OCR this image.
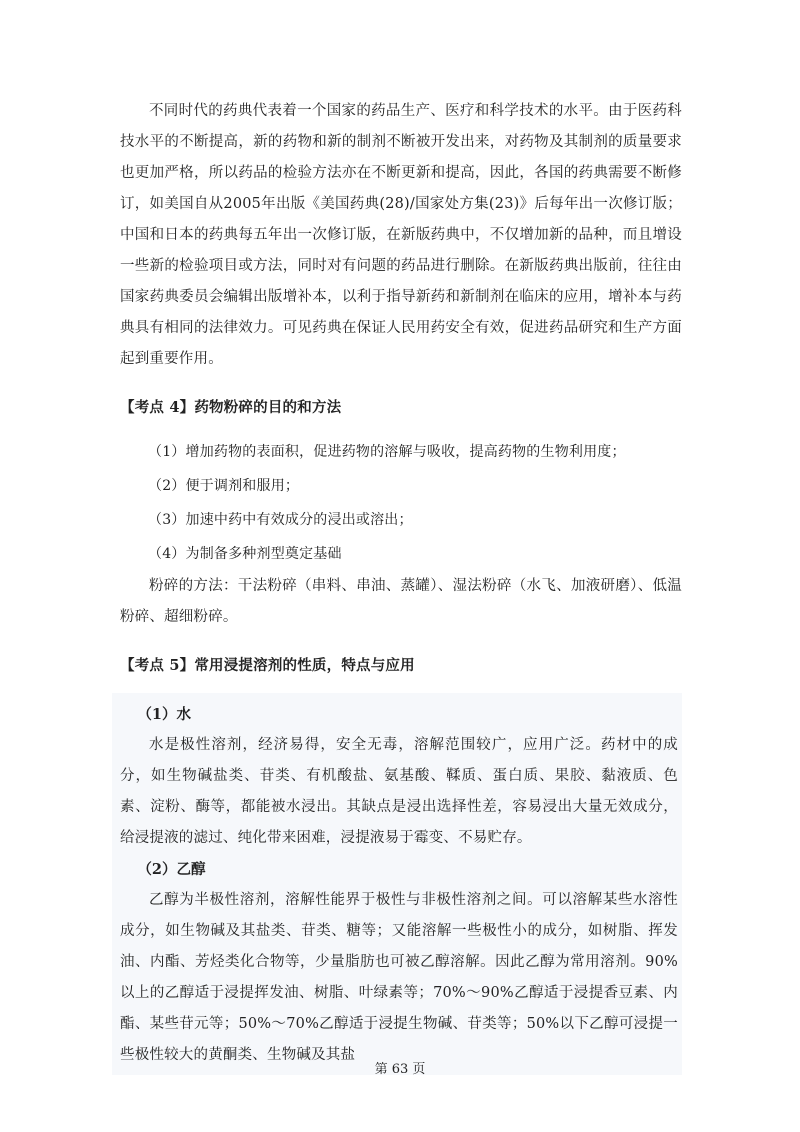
不同时代的药典代表着一个国家的药品生产、医疗和科学技术的水平。由于医药科技水平的不断提高，新的药物和新的制剂不断被开发出来，对药物及其制剂的质量要求也更加严格，所以药品的检验方法亦在不断更新和提高，因此，各国的药典需要不断修订，如美国自从2005年出版《美国药典(28)/国家处方集(23)》后每年出一次修订版；中国和日本的药典每五年出一次修订版，在新版药典中，不仅增加新的品种，而且增设一些新的检验项目或方法，同时对有问题的药品进行删除。在新版药典出版前，往往由国家药典委员会编辑出版增补本，以利于指导新药和新制剂在临床的应用，增补本与药典具有相同的法律效力。可见药典在保证人民用药安全有效，促进药品研究和生产方面起到重要作用。

【考点 4】药物粉碎的目的和方法

（1）增加药物的表面积，促进药物的溶解与吸收，提高药物的生物利用度；

（2）便于调剂和服用；

（3）加速中药中有效成分的浸出或溶出；

（4）为制备多种剂型奠定基础

粉碎的方法：干法粉碎（串料、串油、蒸罐）、湿法粉碎（水飞、加液研磨）、低温粉碎、超细粉碎。

【考点 5】常用浸提溶剂的性质，特点与应用

（1）水

水是极性溶剂，经济易得，安全无毒，溶解范围较广，应用广泛。药材中的成分，如生物碱盐类、苷类、有机酸盐、氨基酸、鞣质、蛋白质、果胶、黏液质、色素、淀粉、酶等，都能被水浸出。其缺点是浸出选择性差，容易浸出大量无效成分，给浸提液的滤过、纯化带来困难，浸提液易于霉变、不易贮存。

（2）乙醇

乙醇为半极性溶剂，溶解性能界于极性与非极性溶剂之间。可以溶解某些水溶性成分，如生物碱及其盐类、苷类、糖等；又能溶解一些极性小的成分，如树脂、挥发油、内酯、芳烃类化合物等，少量脂肪也可被乙醇溶解。因此乙醇为常用溶剂。90%以上的乙醇适于浸提挥发油、树脂、叶绿素等；70%～90%乙醇适于浸提香豆素、内酯、某些苷元等；50%～70%乙醇适于浸提生物碱、苷类等；50%以下乙醇可浸提一些极性较大的黄酮类、生物碱及其盐

第 63 页
